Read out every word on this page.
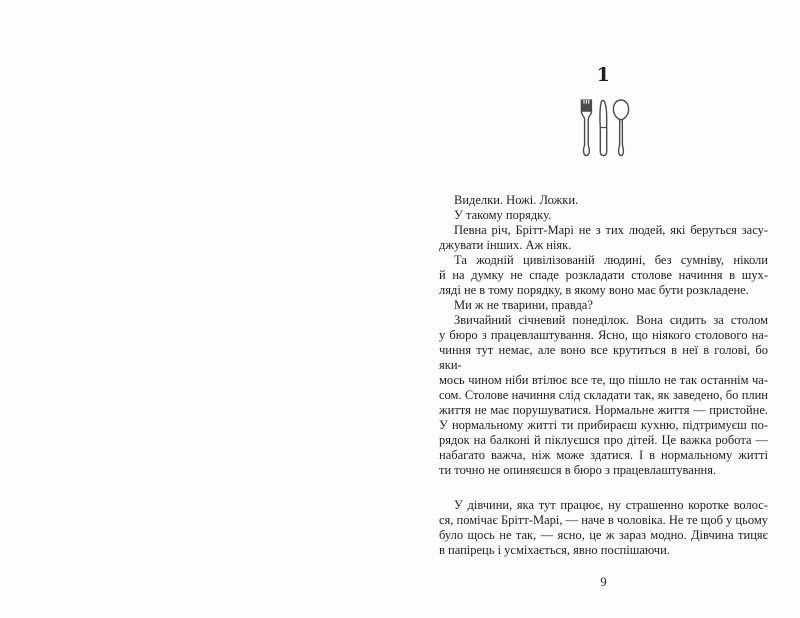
1
Виделки. Ножі. Ложки.
У такому порядку.
Певна річ, Брітт-Марі не з тих людей, які беруться засу-
джувати інших. Аж ніяк.
Та жодній цивілізованій людині, без сумніву, ніколи
й на думку не спаде розкладати столове начиння в шух-
ляді не в тому порядку, в якому воно має бути розкладене.
Ми ж не тварини, правда?
Звичайний січневий понеділок. Вона сидить за столом
у бюро з працевлаштування. Ясно, що ніякого столового на-
чиння тут немає, але воно все крутиться в неї в голові, бо яки-
мось чином ніби втілює все те, що пішло не так останнім ча-
сом. Столове начиння слід складати так, як заведено, бо плин
життя не має порушуватися. Нормальне життя — пристойне.
У нормальному житті ти прибираєш кухню, підтримуєш по-
рядок на балконі й піклуєшся про дітей. Це важка робота —
набагато важча, ніж може здатися. І в нормальному житті
ти точно не опиняєшся в бюро з працевлаштування.
У дівчини, яка тут працює, ну страшенно коротке волос-
ся, помічає Брітт-Марі, — наче в чоловіка. Не те щоб у цьому
було щось не так, — ясно, це ж зараз модно. Дівчина тицяє
в папірець і усміхається, явно поспішаючи.
9
